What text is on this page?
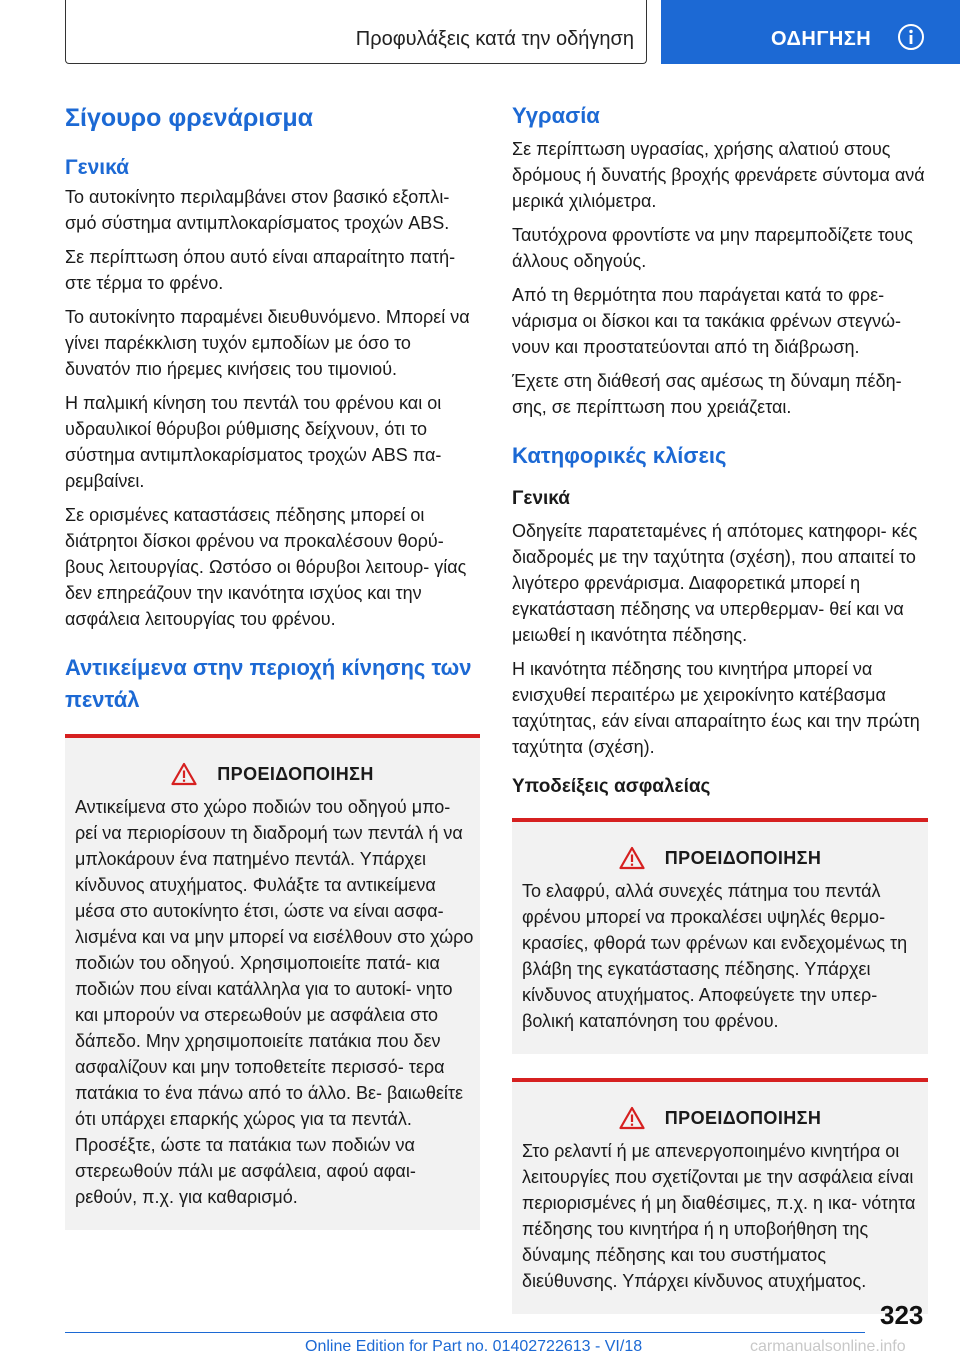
Προφυλάξεις κατά την οδήγηση	ΟΔΗΓΗΣΗ
Σίγουρο φρενάρισμα
Γενικά

Το αυτοκίνητο περιλαμβάνει στον βασικό εξοπλι- σμό σύστημα αντιμπλοκαρίσματος τροχών ABS.

Σε περίπτωση όπου αυτό είναι απαραίτητο πατή- στε τέρμα το φρένο.

Το αυτοκίνητο παραμένει διευθυνόμενο. Μπορεί να γίνει παρέκκλιση τυχόν εμποδίων με όσο το δυνατόν πιο ήρεμες κινήσεις του τιμονιού.

Η παλμική κίνηση του πεντάλ του φρένου και οι υδραυλικοί θόρυβοι ρύθμισης δείχνουν, ότι το σύστημα αντιμπλοκαρίσματος τροχών ABS πα- ρεμβαίνει.

Σε ορισμένες καταστάσεις πέδησης μπορεί οι διάτρητοι δίσκοι φρένου να προκαλέσουν θορύ- βους λειτουργίας. Ωστόσο οι θόρυβοι λειτουρ- γίας δεν επηρεάζουν την ικανότητα ισχύος και την ασφάλεια λειτουργίας του φρένου.

Αντικείμενα στην περιοχή κίνησης των πεντάλ
ΠΡΟΕΙΔΟΠΟΙΗΣΗ

Αντικείμενα στο χώρο ποδιών του οδηγού μπο- ρεί να περιορίσουν τη διαδρομή των πεντάλ ή να μπλοκάρουν ένα πατημένο πεντάλ. Υπάρχει κίνδυνος ατυχήματος. Φυλάξτε τα αντικείμενα μέσα στο αυτοκίνητο έτσι, ώστε να είναι ασφα- λισμένα και να μην μπορεί να εισέλθουν στο χώρο ποδιών του οδηγού. Χρησιμοποιείτε πατά- κια ποδιών που είναι κατάλληλα για το αυτοκί- νητο και μπορούν να στερεωθούν με ασφάλεια στο δάπεδο. Μην χρησιμοποιείτε πατάκια που δεν ασφαλίζουν και μην τοποθετείτε περισσό- τερα πατάκια το ένα πάνω από το άλλο. Βε- βαιωθείτε ότι υπάρχει επαρκής χώρος για τα πεντάλ. Προσέξτε, ώστε τα πατάκια των ποδιών να στερεωθούν πάλι με ασφάλεια, αφού αφαι- ρεθούν, π.χ. για καθαρισμό.

Υγρασία

Σε περίπτωση υγρασίας, χρήσης αλατιού στους δρόμους ή δυνατής βροχής φρενάρετε σύντομα ανά μερικά χιλιόμετρα.

Ταυτόχρονα φροντίστε να μην παρεμποδίζετε τους άλλους οδηγούς.

Από τη θερμότητα που παράγεται κατά το φρε- νάρισμα οι δίσκοι και τα τακάκια φρένων στεγνώ- νουν και προστατεύονται από τη διάβρωση.

Έχετε στη διάθεσή σας αμέσως τη δύναμη πέδη- σης, σε περίπτωση που χρειάζεται.

Κατηφορικές κλίσεις
Γενικά

Οδηγείτε παρατεταμένες ή απότομες κατηφορι- κές διαδρομές με την ταχύτητα (σχέση), που απαιτεί το λιγότερο φρενάρισμα. Διαφορετικά μπορεί η εγκατάσταση πέδησης να υπερθερμαν- θεί και να μειωθεί η ικανότητα πέδησης.

Η ικανότητα πέδησης του κινητήρα μπορεί να ενισχυθεί περαιτέρω με χειροκίνητο κατέβασμα ταχύτητας, εάν είναι απαραίτητο έως και την πρώτη ταχύτητα (σχέση).

Υποδείξεις ασφαλείας
ΠΡΟΕΙΔΟΠΟΙΗΣΗ

Το ελαφρύ, αλλά συνεχές πάτημα του πεντάλ φρένου μπορεί να προκαλέσει υψηλές θερμο- κρασίες, φθορά των φρένων και ενδεχομένως τη βλάβη της εγκατάστασης πέδησης. Υπάρχει κίνδυνος ατυχήματος. Αποφεύγετε την υπερ- βολική καταπόνηση του φρένου.

ΠΡΟΕΙΔΟΠΟΙΗΣΗ

Στο ρελαντί ή με απενεργοποιημένο κινητήρα οι λειτουργίες που σχετίζονται με την ασφάλεια είναι περιορισμένες ή μη διαθέσιμες, π.χ. η ικα- νότητα πέδησης του κινητήρα ή η υποβοήθηση της δύναμης πέδησης και του συστήματος διεύθυνσης. Υπάρχει κίνδυνος ατυχήματος.

323
Online Edition for Part no. 01402722613 - VI/18	carmanualsonline.info
